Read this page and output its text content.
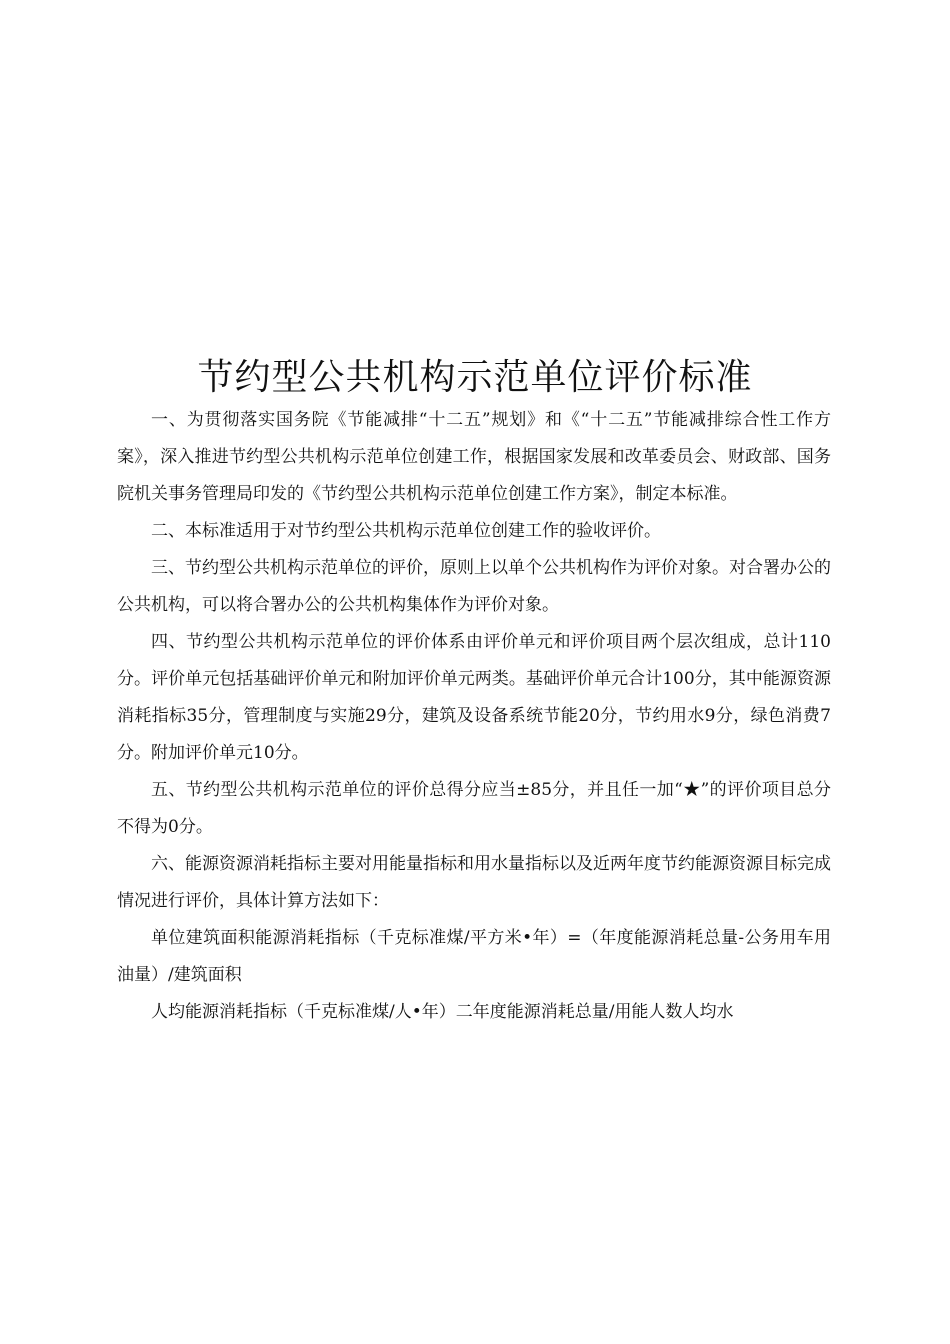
节约型公共机构示范单位评价标准

一、为贯彻落实国务院《节能减排“十二五”规划》和《“十二五”节能减排综合性工作方案》，深入推进节约型公共机构示范单位创建工作，根据国家发展和改革委员会、财政部、国务院机关事务管理局印发的《节约型公共机构示范单位创建工作方案》，制定本标准。

二、本标准适用于对节约型公共机构示范单位创建工作的验收评价。

三、节约型公共机构示范单位的评价，原则上以单个公共机构作为评价对象。对合署办公的公共机构，可以将合署办公的公共机构集体作为评价对象。

四、节约型公共机构示范单位的评价体系由评价单元和评价项目两个层次组成，总计110分。评价单元包括基础评价单元和附加评价单元两类。基础评价单元合计100分，其中能源资源消耗指标35分，管理制度与实施29分，建筑及设备系统节能20分，节约用水9分，绿色消费7分。附加评价单元10分。

五、节约型公共机构示范单位的评价总得分应当±85分，并且任一加“★”的评价项目总分不得为0分。

六、能源资源消耗指标主要对用能量指标和用水量指标以及近两年度节约能源资源目标完成情况进行评价，具体计算方法如下：

单位建筑面积能源消耗指标（千克标准煤/平方米•年）=（年度能源消耗总量-公务用车用油量）/建筑面积

人均能源消耗指标（千克标准煤/人•年）二年度能源消耗总量/用能人数人均水
